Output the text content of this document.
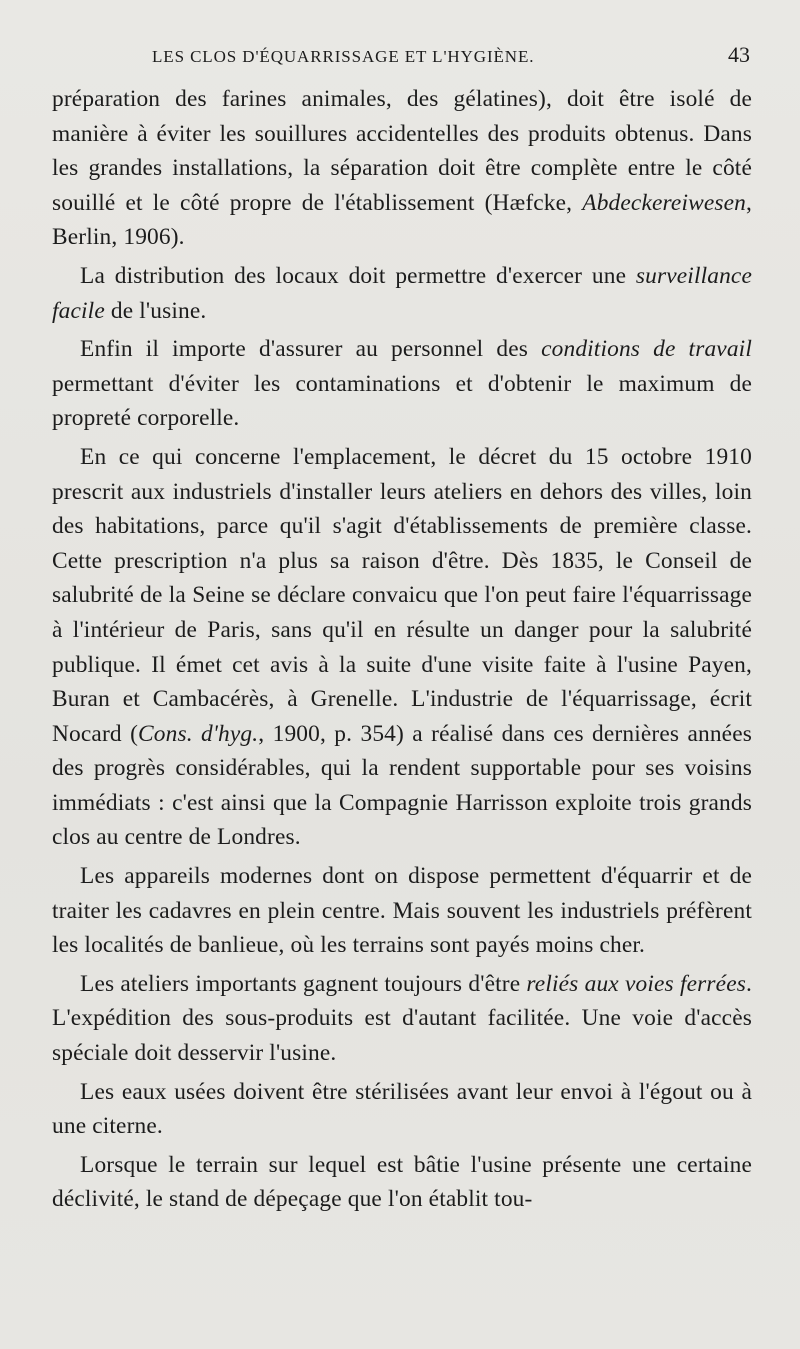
LES CLOS D'ÉQUARRISSAGE ET L'HYGIÈNE.	43

préparation des farines animales, des gélatines), doit être isolé de manière à éviter les souillures accidentelles des produits obtenus. Dans les grandes installations, la séparation doit être complète entre le côté souillé et le côté propre de l'établissement (Hæfcke, Abdeckereiwesen, Berlin, 1906).

La distribution des locaux doit permettre d'exercer une surveillance facile de l'usine.

Enfin il importe d'assurer au personnel des conditions de travail permettant d'éviter les contaminations et d'obtenir le maximum de propreté corporelle.

En ce qui concerne l'emplacement, le décret du 15 octobre 1910 prescrit aux industriels d'installer leurs ateliers en dehors des villes, loin des habitations, parce qu'il s'agit d'établissements de première classe. Cette prescription n'a plus sa raison d'être. Dès 1835, le Conseil de salubrité de la Seine se déclare convaicu que l'on peut faire l'équarrissage à l'intérieur de Paris, sans qu'il en résulte un danger pour la salubrité publique. Il émet cet avis à la suite d'une visite faite à l'usine Payen, Buran et Cambacérès, à Grenelle. L'industrie de l'équarrissage, écrit Nocard (Cons. d'hyg., 1900, p. 354) a réalisé dans ces dernières années des progrès considérables, qui la rendent supportable pour ses voisins immédiats : c'est ainsi que la Compagnie Harrisson exploite trois grands clos au centre de Londres.

Les appareils modernes dont on dispose permettent d'équarrir et de traiter les cadavres en plein centre. Mais souvent les industriels préfèrent les localités de banlieue, où les terrains sont payés moins cher.

Les ateliers importants gagnent toujours d'être reliés aux voies ferrées. L'expédition des sous-produits est d'autant facilitée. Une voie d'accès spéciale doit desservir l'usine.

Les eaux usées doivent être stérilisées avant leur envoi à l'égout ou à une citerne.

Lorsque le terrain sur lequel est bâtie l'usine présente une certaine déclivité, le stand de dépeçage que l'on établit tou-
